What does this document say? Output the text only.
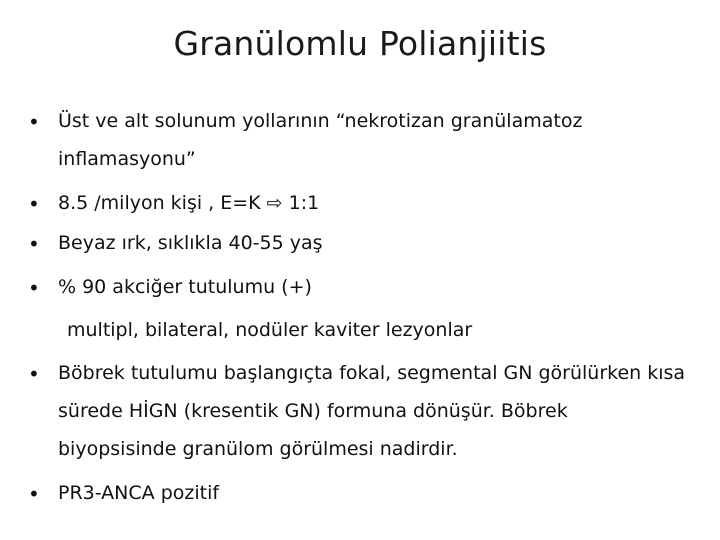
Granülomlu Polianjiitis
• Üst ve alt solunum yollarının “nekrotizan granülamatoz
inflamasyonu”
• 8.5 /milyon kişi , E=K ⇨ 1:1
• Beyaz ırk, sıklıkla 40-55 yaş
• % 90 akciğer tutulumu (+)
multipl, bilateral, nodüler kaviter lezyonlar
• Böbrek tutulumu başlangıçta fokal, segmental GN görülürken kısa
sürede HİGN (kresentik GN) formuna dönüşür. Böbrek
biyopsisinde granülom görülmesi nadirdir.
• PR3-ANCA pozitif
